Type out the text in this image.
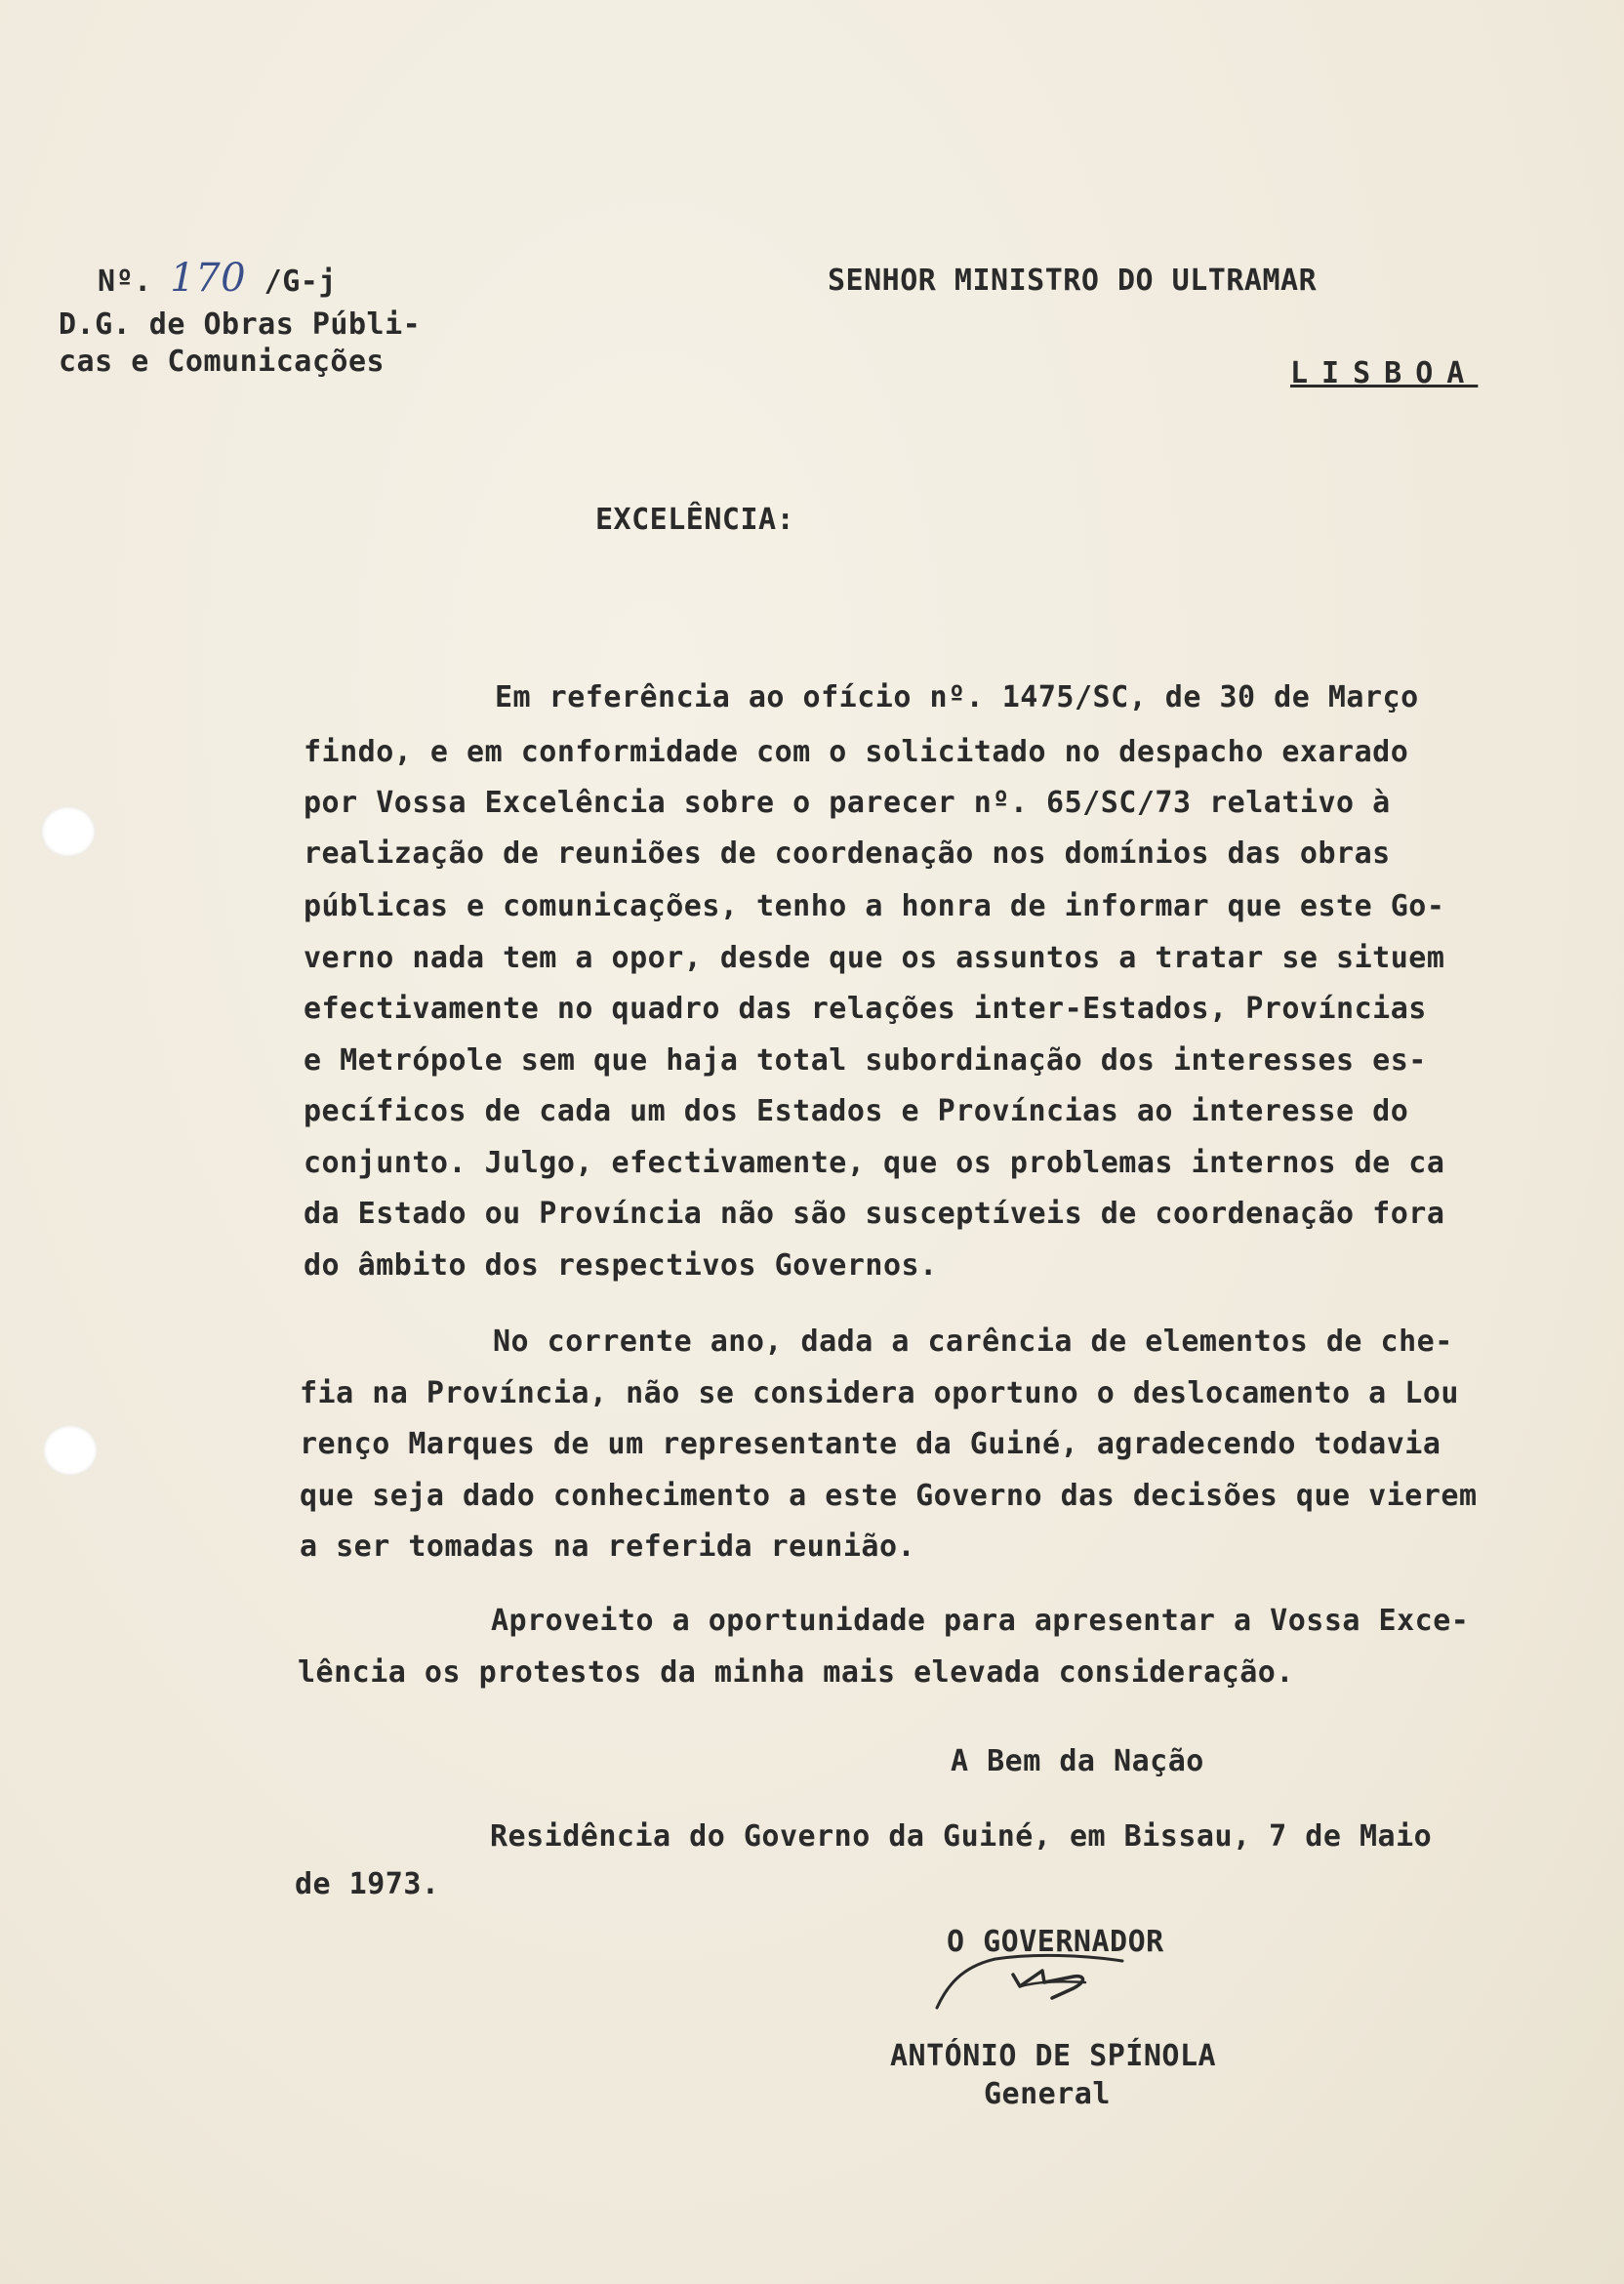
Nº. 170 /G-j
D.G. de Obras Públi-
cas e Comunicações
SENHOR MINISTRO DO ULTRAMAR
LISBOA
EXCELÊNCIA:
Em referência ao ofício nº. 1475/SC, de 30 de Março
findo, e em conformidade com o solicitado no despacho exarado
por Vossa Excelência sobre o parecer nº. 65/SC/73 relativo à
realização de reuniões de coordenação nos domínios das obras
públicas e comunicações, tenho a honra de informar que este Go-
verno nada tem a opor, desde que os assuntos a tratar se situem
efectivamente no quadro das relações inter-Estados, Províncias
e Metrópole sem que haja total subordinação dos interesses es-
pecíficos de cada um dos Estados e Províncias ao interesse do
conjunto. Julgo, efectivamente, que os problemas internos de ca
da Estado ou Província não são susceptíveis de coordenação fora
do âmbito dos respectivos Governos.
No corrente ano, dada a carência de elementos de che-
fia na Província, não se considera oportuno o deslocamento a Lou
renço Marques de um representante da Guiné, agradecendo todavia
que seja dado conhecimento a este Governo das decisões que vierem
a ser tomadas na referida reunião.
Aproveito a oportunidade para apresentar a Vossa Exce-
lência os protestos da minha mais elevada consideração.
A Bem da Nação
Residência do Governo da Guiné, em Bissau, 7 de Maio
de 1973.
O GOVERNADOR
ANTÓNIO DE SPÍNOLA
General
